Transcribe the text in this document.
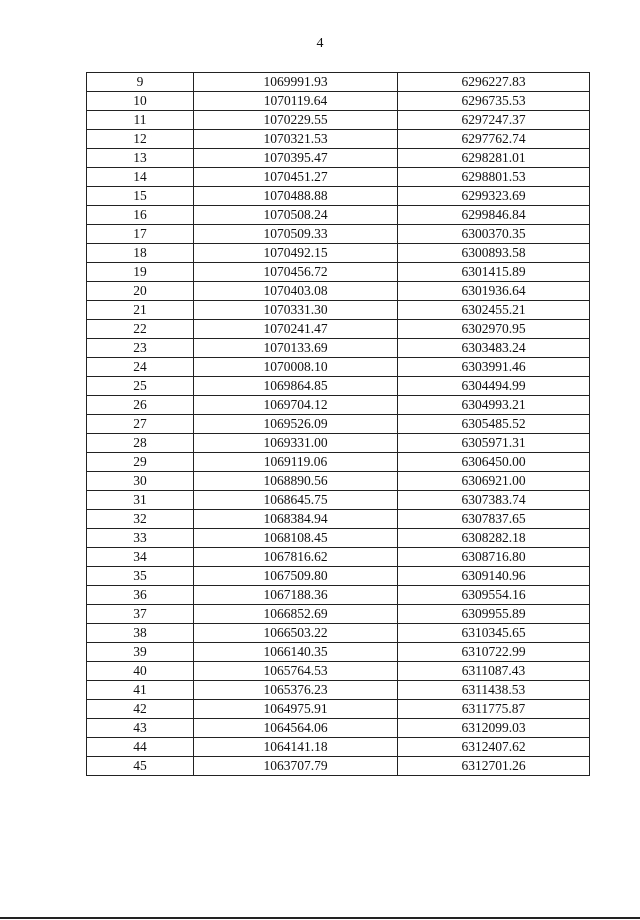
4
9	1069991.93	6296227.83
10	1070119.64	6296735.53
11	1070229.55	6297247.37
12	1070321.53	6297762.74
13	1070395.47	6298281.01
14	1070451.27	6298801.53
15	1070488.88	6299323.69
16	1070508.24	6299846.84
17	1070509.33	6300370.35
18	1070492.15	6300893.58
19	1070456.72	6301415.89
20	1070403.08	6301936.64
21	1070331.30	6302455.21
22	1070241.47	6302970.95
23	1070133.69	6303483.24
24	1070008.10	6303991.46
25	1069864.85	6304494.99
26	1069704.12	6304993.21
27	1069526.09	6305485.52
28	1069331.00	6305971.31
29	1069119.06	6306450.00
30	1068890.56	6306921.00
31	1068645.75	6307383.74
32	1068384.94	6307837.65
33	1068108.45	6308282.18
34	1067816.62	6308716.80
35	1067509.80	6309140.96
36	1067188.36	6309554.16
37	1066852.69	6309955.89
38	1066503.22	6310345.65
39	1066140.35	6310722.99
40	1065764.53	6311087.43
41	1065376.23	6311438.53
42	1064975.91	6311775.87
43	1064564.06	6312099.03
44	1064141.18	6312407.62
45	1063707.79	6312701.26
